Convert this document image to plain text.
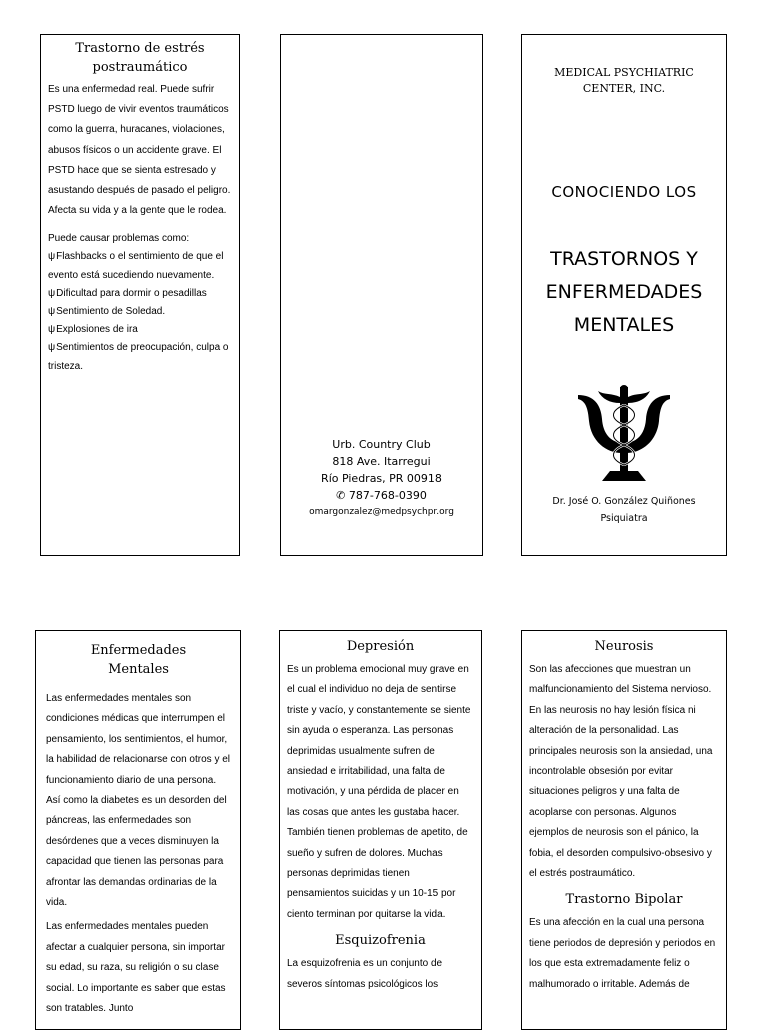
Trastorno de estrés postraumático

Es una enfermedad real. Puede sufrir PSTD luego de vivir eventos traumáticos como la guerra, huracanes, violaciones, abusos físicos o un accidente grave. El PSTD hace que se sienta estresado y asustando después de pasado el peligro. Afecta su vida y a la gente que le rodea.

Puede causar problemas como:

ψ Flashbacks o el sentimiento de que el evento está sucediendo nuevamente.
ψ Dificultad para dormir o pesadillas
ψ Sentimiento de Soledad.
ψ Explosiones de ira
ψ Sentimientos de preocupación, culpa o tristeza.
Urb. Country Club
818 Ave. Itarregui
Río Piedras, PR 00918
✆ 787-768-0390
omargonzalez@medpsychpr.org
MEDICAL PSYCHIATRIC
CENTER, INC.
CONOCIENDO LOS
TRASTORNOS Y
ENFERMEDADES
MENTALES
Dr. José O. González Quiñones
Psiquiatra
Enfermedades Mentales

Las enfermedades mentales son condiciones médicas que interrumpen el pensamiento, los sentimientos, el humor, la habilidad de relacionarse con otros y el funcionamiento diario de una persona. Así como la diabetes es un desorden del páncreas, las enfermedades son desórdenes que a veces disminuyen la capacidad que tienen las personas para afrontar las demandas ordinarias de la vida.

Las enfermedades mentales pueden afectar a cualquier persona, sin importar su edad, su raza, su religión o su clase social. Lo importante es saber que estas son tratables. Junto

Depresión

Es un problema emocional muy grave en el cual el individuo no deja de sentirse triste y vacío, y constantemente se siente sin ayuda o esperanza. Las personas deprimidas usualmente sufren de ansiedad e irritabilidad, una falta de motivación, y una pérdida de placer en las cosas que antes les gustaba hacer. También tienen problemas de apetito, de sueño y sufren de dolores. Muchas personas deprimidas tienen pensamientos suicidas y un 10-15 por ciento terminan por quitarse la vida.

Esquizofrenia

La esquizofrenia es un conjunto de severos síntomas psicológicos los

Neurosis

Son las afecciones que muestran un malfuncionamiento del Sistema nervioso. En las neurosis no hay lesión física ni alteración de la personalidad. Las principales neurosis son la ansiedad, una incontrolable obsesión por evitar situaciones peligros y una falta de acoplarse con personas. Algunos ejemplos de neurosis son el pánico, la fobia, el desorden compulsivo-obsesivo y el estrés postraumático.

Trastorno Bipolar

Es una afección en la cual una persona tiene periodos de depresión y periodos en los que esta extremadamente feliz o malhumorado o irritable. Además de
